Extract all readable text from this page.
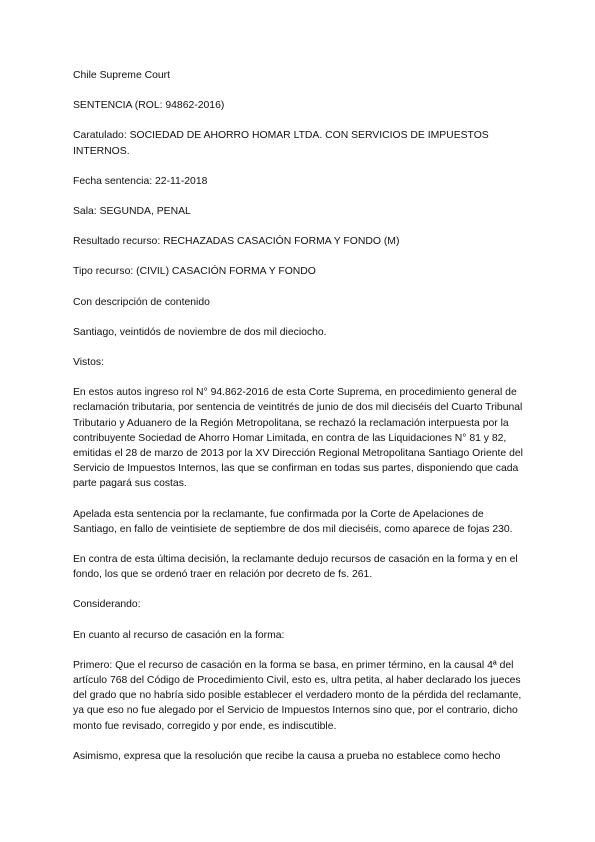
Chile Supreme Court

SENTENCIA (ROL: 94862-2016)

Caratulado: SOCIEDAD DE AHORRO HOMAR LTDA. CON SERVICIOS DE IMPUESTOS INTERNOS.

Fecha sentencia: 22-11-2018

Sala: SEGUNDA, PENAL

Resultado recurso: RECHAZADAS CASACIÓN FORMA Y FONDO (M)

Tipo recurso: (CIVIL) CASACIÓN FORMA Y FONDO

Con descripción de contenido

Santiago, veintidós de noviembre de dos mil dieciocho.

Vistos:

En estos autos ingreso rol N° 94.862-2016 de esta Corte Suprema, en procedimiento general de reclamación tributaria, por sentencia de veintitrés de junio de dos mil dieciséis del Cuarto Tribunal Tributario y Aduanero de la Región Metropolitana, se rechazó la reclamación interpuesta por la contribuyente Sociedad de Ahorro Homar Limitada, en contra de las Liquidaciones N° 81 y 82, emitidas el 28 de marzo de 2013 por la XV Dirección Regional Metropolitana Santiago Oriente del Servicio de Impuestos Internos, las que se confirman en todas sus partes, disponiendo que cada parte pagará sus costas.

Apelada esta sentencia por la reclamante, fue confirmada por la Corte de Apelaciones de Santiago, en fallo de veintisiete de septiembre de dos mil dieciséis, como aparece de fojas 230.

En contra de esta última decisión, la reclamante dedujo recursos de casación en la forma y en el fondo, los que se ordenó traer en relación por decreto de fs. 261.

Considerando:

En cuanto al recurso de casación en la forma:

Primero: Que el recurso de casación en la forma se basa, en primer término, en la causal 4ª del artículo 768 del Código de Procedimiento Civil, esto es, ultra petita, al haber declarado los jueces del grado que no habría sido posible establecer el verdadero monto de la pérdida del reclamante, ya que eso no fue alegado por el Servicio de Impuestos Internos sino que, por el contrario, dicho monto fue revisado, corregido y por ende, es indiscutible.

Asimismo, expresa que la resolución que recibe la causa a prueba no establece como hecho
